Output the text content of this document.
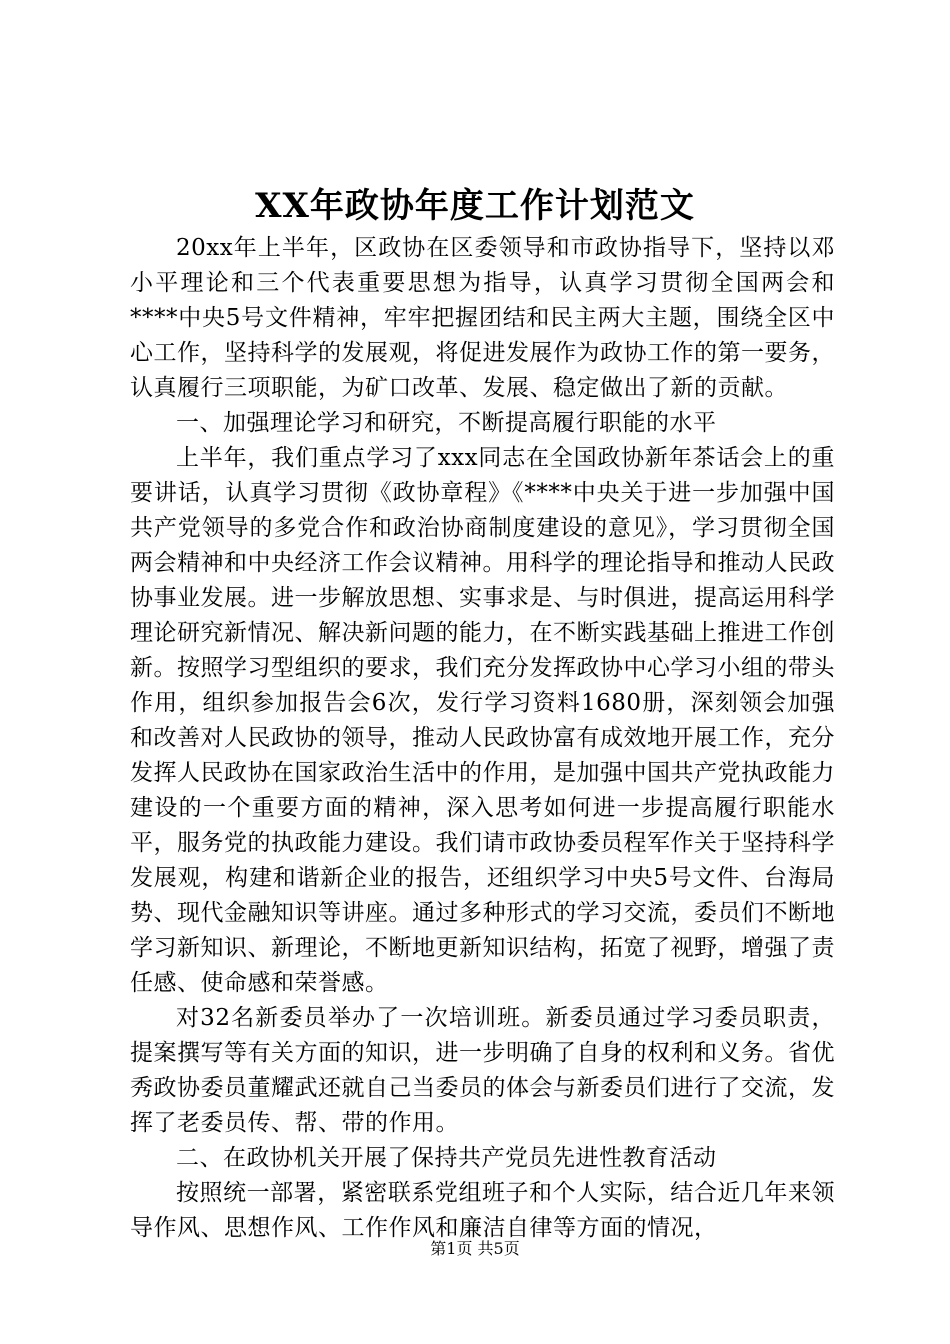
XX年政协年度工作计划范文

20xx年上半年，区政协在区委领导和市政协指导下，坚持以邓小平理论和三个代表重要思想为指导，认真学习贯彻全国两会和****中央5号文件精神，牢牢把握团结和民主两大主题，围绕全区中心工作，坚持科学的发展观，将促进发展作为政协工作的第一要务，认真履行三项职能，为矿口改革、发展、稳定做出了新的贡献。

一、加强理论学习和研究，不断提高履行职能的水平

上半年，我们重点学习了xxx同志在全国政协新年茶话会上的重要讲话，认真学习贯彻《政协章程》《****中央关于进一步加强中国共产党领导的多党合作和政治协商制度建设的意见》，学习贯彻全国两会精神和中央经济工作会议精神。用科学的理论指导和推动人民政协事业发展。进一步解放思想、实事求是、与时俱进，提高运用科学理论研究新情况、解决新问题的能力，在不断实践基础上推进工作创新。按照学习型组织的要求，我们充分发挥政协中心学习小组的带头作用，组织参加报告会6次，发行学习资料1680册，深刻领会加强和改善对人民政协的领导，推动人民政协富有成效地开展工作，充分发挥人民政协在国家政治生活中的作用，是加强中国共产党执政能力建设的一个重要方面的精神，深入思考如何进一步提高履行职能水平，服务党的执政能力建设。我们请市政协委员程军作关于坚持科学发展观，构建和谐新企业的报告，还组织学习中央5号文件、台海局势、现代金融知识等讲座。通过多种形式的学习交流，委员们不断地学习新知识、新理论，不断地更新知识结构，拓宽了视野，增强了责任感、使命感和荣誉感。

对32名新委员举办了一次培训班。新委员通过学习委员职责，提案撰写等有关方面的知识，进一步明确了自身的权利和义务。省优秀政协委员董耀武还就自己当委员的体会与新委员们进行了交流，发挥了老委员传、帮、带的作用。

二、在政协机关开展了保持共产党员先进性教育活动

按照统一部署，紧密联系党组班子和个人实际，结合近几年来领导作风、思想作风、工作作风和廉洁自律等方面的情况，

第1页 共5页
